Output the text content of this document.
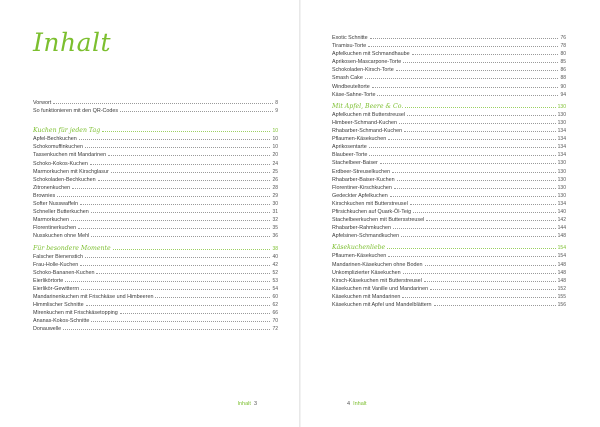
Inhalt
Vorwort	8
So funktionieren mit den QR-Codes	9
Kuchen für jeden Tag	10
Apfel-Bechkuchen	10
Schokomuffinkuchen	10
Tassenkuchen mit Mandarinen	20
Schoko-Kokos-Kuchen	24
Marmorkuchen mit Kirschglasur	25
Schokoladen-Bechkuchen	26
Zitronenkuchen	28
Brownies	29
Softer Nusswaffeln	30
Schneller Butterkuchen	31
Marmorkuchen	32
Florentinerkuchen	35
Nusskuchen ohne Mehl	36
Für besondere Momente	38
Falscher Bienenstich	40
Frau-Holle-Kuchen	42
Schoko-Bananen-Kuchen	52
Eierlikörtorte	53
Eierlikör-Gewitterrn	54
Mandarinenkuchen mit Frischkäse und Himbeeren	60
Himmlischer Schnitte	62
Mirenkuchen mit Frischkäsetopping	66
Ananas-Kokos-Schnitte	70
Donauwelle	72
Inhalt 3
Exotic Schnitte	76
Tiramisu-Torte	78
Apfelkuchen mit Schmandhaube	80
Aprikosen-Mascarpone-Torte	85
Schokoladen-Kirsch-Torte	86
Smash Cake	88
Windbeuteltorte	90
Käse-Sahne-Torte	94
Mit Apfel, Beere & Co.	130
Apfelkuchen mit Butterstreusel	130
Himbeer-Schmand-Kuchen	130
Rhabarber-Schmand-Kuchen	134
Pflaumen-Käsekuchen	134
Aprikosentarte	134
Blaubeer-Torte	134
Stachelbeer-Baiser	130
Erdbeer-Streuselkuchen	130
Rhabarber-Baiser-Kuchen	130
Florentiner-Kirschkuchen	130
Gedeckter Apfelkuchen	130
Kirschkuchen mit Butterstreusel	134
Pfirsichkuchen auf Quark-Öl-Teig	140
Stachelbeerkuchen mit Buttersstreusel	142
Rhabarber-Rahmkuchen	144
Apfelsinen-Schmandkuchen	148
Käsekuchenliebe	154
Pflaumen-Käsekuchen	154
Mandarinen-Käsekuchen ohne Boden	148
Unkomplizierter Käsekuchen	148
Kirsch-Käsekuchen mit Butterstreusel	148
Käsekuchen mit Vanille und Mandarinen	152
Käsekuchen mit Mandarinen	155
Käsekuchen mit Apfel und Mandelblättern	156
4 Inhalt
